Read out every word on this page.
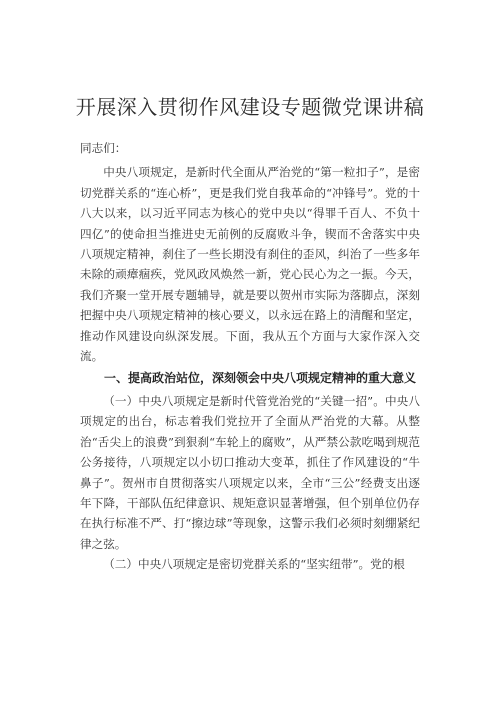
开展深入贯彻作风建设专题微党课讲稿

同志们：

中央八项规定，是新时代全面从严治党的“第一粒扣子”，是密切党群关系的“连心桥”，更是我们党自我革命的“冲锋号”。党的十八大以来，以习近平同志为核心的党中央以“得罪千百人、不负十四亿”的使命担当推进史无前例的反腐败斗争，锲而不舍落实中央八项规定精神，刹住了一些长期没有刹住的歪风，纠治了一些多年未除的顽瘴痼疾，党风政风焕然一新，党心民心为之一振。今天，我们齐聚一堂开展专题辅导，就是要以贺州市实际为落脚点，深刻把握中央八项规定精神的核心要义，以永远在路上的清醒和坚定，推动作风建设向纵深发展。下面，我从五个方面与大家作深入交流。

一、提高政治站位，深刻领会中央八项规定精神的重大意义

（一）中央八项规定是新时代管党治党的“关键一招”。中央八项规定的出台，标志着我们党拉开了全面从严治党的大幕。从整治“舌尖上的浪费”到狠刹“车轮上的腐败”，从严禁公款吃喝到规范公务接待，八项规定以小切口推动大变革，抓住了作风建设的“牛鼻子”。贺州市自贯彻落实八项规定以来，全市“三公”经费支出逐年下降，干部队伍纪律意识、规矩意识显著增强，但个别单位仍存在执行标准不严、打“擦边球”等现象，这警示我们必须时刻绷紧纪律之弦。

（二）中央八项规定是密切党群关系的“坚实纽带”。党的根
